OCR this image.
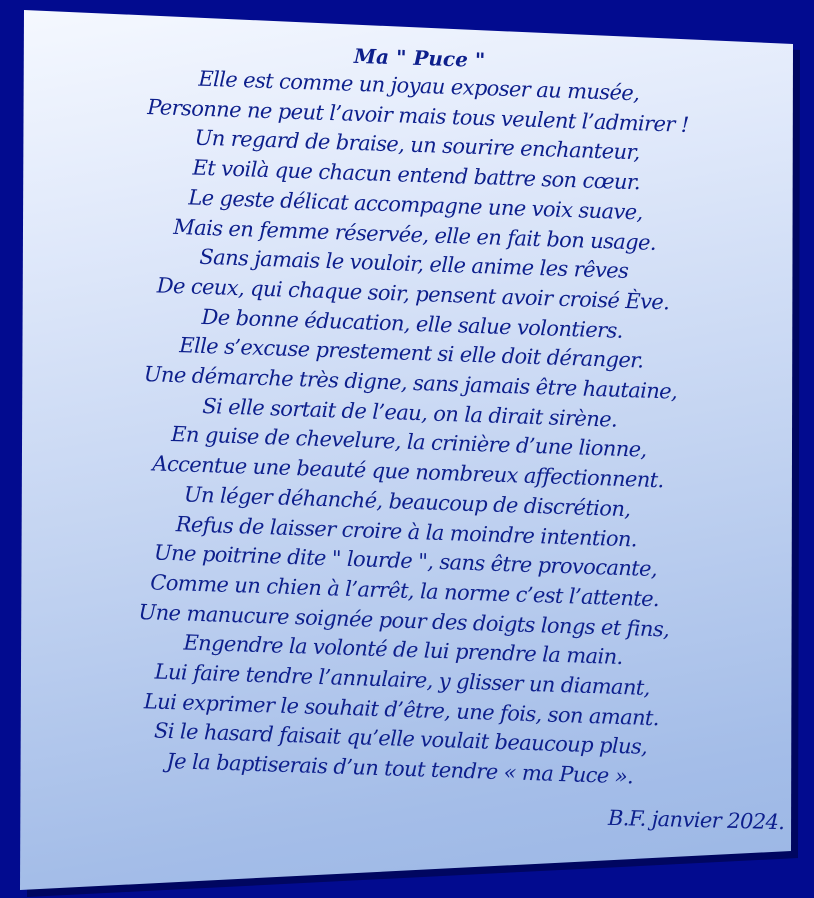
Ma " Puce "

Elle est comme un joyau exposer au musée,

Personne ne peut l’avoir mais tous veulent l’admirer !

Un regard de braise, un sourire enchanteur,

Et voilà que chacun entend battre son cœur.

Le geste délicat accompagne une voix suave,

Mais en femme réservée, elle en fait bon usage.

Sans jamais le vouloir, elle anime les rêves

De ceux, qui chaque soir, pensent avoir croisé Ève.

De bonne éducation, elle salue volontiers.

Elle s’excuse prestement si elle doit déranger.

Une démarche très digne, sans jamais être hautaine,

Si elle sortait de l’eau, on la dirait sirène.

En guise de chevelure, la crinière d’une lionne,

Accentue une beauté que nombreux affectionnent.

Un léger déhanché, beaucoup de discrétion,

Refus de laisser croire à la moindre intention.

Une poitrine dite " lourde ", sans être provocante,

Comme un chien à l’arrêt, la norme c’est l’attente.

Une manucure soignée pour des doigts longs et fins,

Engendre la volonté de lui prendre la main.

Lui faire tendre l’annulaire, y glisser un diamant,

Lui exprimer le souhait d’être, une fois, son amant.

Si le hasard faisait qu’elle voulait beaucoup plus,

Je la baptiserais d’un tout tendre « ma Puce ».

B.F. janvier 2024.
